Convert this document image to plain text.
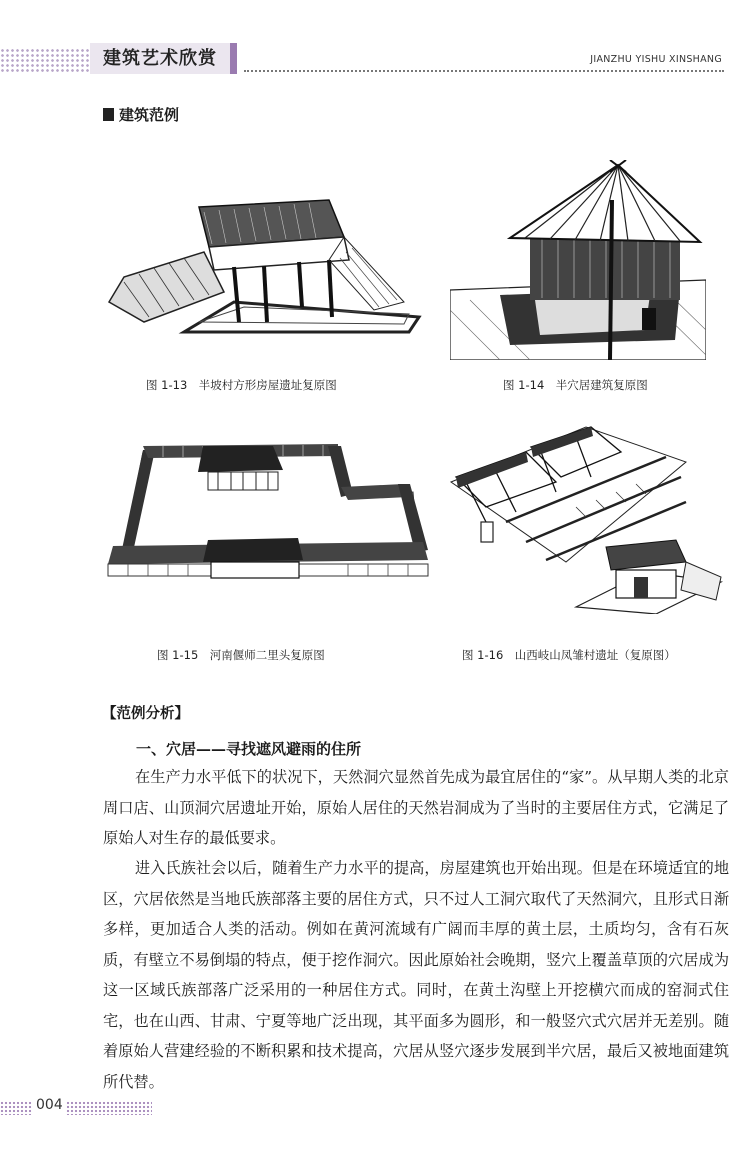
建筑艺术欣赏	JIANZHU YISHU XINSHANG
建筑范例
图 1-13　 半坡村方形房屋遗址复原图	图 1-14　 半穴居建筑复原图
图 1-15　 河南偃师二里头复原图	图 1-16　 山西岐山凤雏村遗址（复原图）
【范例分析】
一、穴居——寻找遮风避雨的住所

在生产力水平低下的状况下，天然洞穴显然首先成为最宜居住的“家”。从早期人类的北京周口店、山顶洞穴居遗址开始，原始人居住的天然岩洞成为了当时的主要居住方式，它满足了原始人对生存的最低要求。

进入氏族社会以后，随着生产力水平的提高，房屋建筑也开始出现。但是在环境适宜的地区，穴居依然是当地氏族部落主要的居住方式，只不过人工洞穴取代了天然洞穴，且形式日渐多样，更加适合人类的活动。例如在黄河流域有广阔而丰厚的黄土层，土质均匀，含有石灰质，有壁立不易倒塌的特点，便于挖作洞穴。因此原始社会晚期，竖穴上覆盖草顶的穴居成为这一区域氏族部落广泛采用的一种居住方式。同时，在黄土沟壁上开挖横穴而成的窑洞式住宅，也在山西、甘肃、宁夏等地广泛出现，其平面多为圆形，和一般竖穴式穴居并无差别。随着原始人营建经验的不断积累和技术提高，穴居从竖穴逐步发展到半穴居，最后又被地面建筑所代替。

004
